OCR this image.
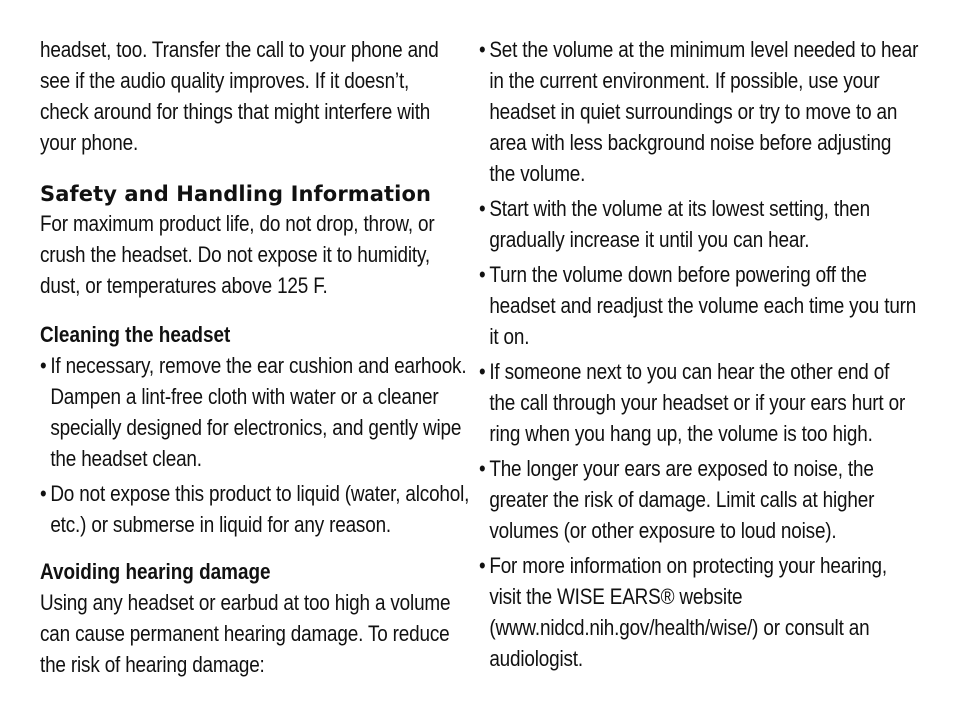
headset, too. Transfer the call to your phone and see if the audio quality improves. If it doesn’t, check around for things that might interfere with your phone.

Safety and Handling Information

For maximum product life, do not drop, throw, or crush the headset. Do not expose it to humidity, dust, or temperatures above 125 F.

Cleaning the headset
• If necessary, remove the ear cushion and earhook. Dampen a lint-free cloth with water or a cleaner specially designed for electronics, and gently wipe the headset clean.
• Do not expose this product to liquid (water, alcohol, etc.) or submerse in liquid for any reason.
Avoiding hearing damage

Using any headset or earbud at too high a volume can cause permanent hearing damage. To reduce the risk of hearing damage:

• Set the volume at the minimum level needed to hear in the current environment. If possible, use your headset in quiet surroundings or try to move to an area with less background noise before adjusting the volume.
• Start with the volume at its lowest setting, then gradually increase it until you can hear.
• Turn the volume down before powering off the headset and readjust the volume each time you turn it on.
• If someone next to you can hear the other end of the call through your headset or if your ears hurt or ring when you hang up, the volume is too high.
• The longer your ears are exposed to noise, the greater the risk of damage. Limit calls at higher volumes (or other exposure to loud noise).
• For more information on protecting your hearing, visit the WISE EARS® website (www.nidcd.nih.gov/health/wise/) or consult an audiologist.
